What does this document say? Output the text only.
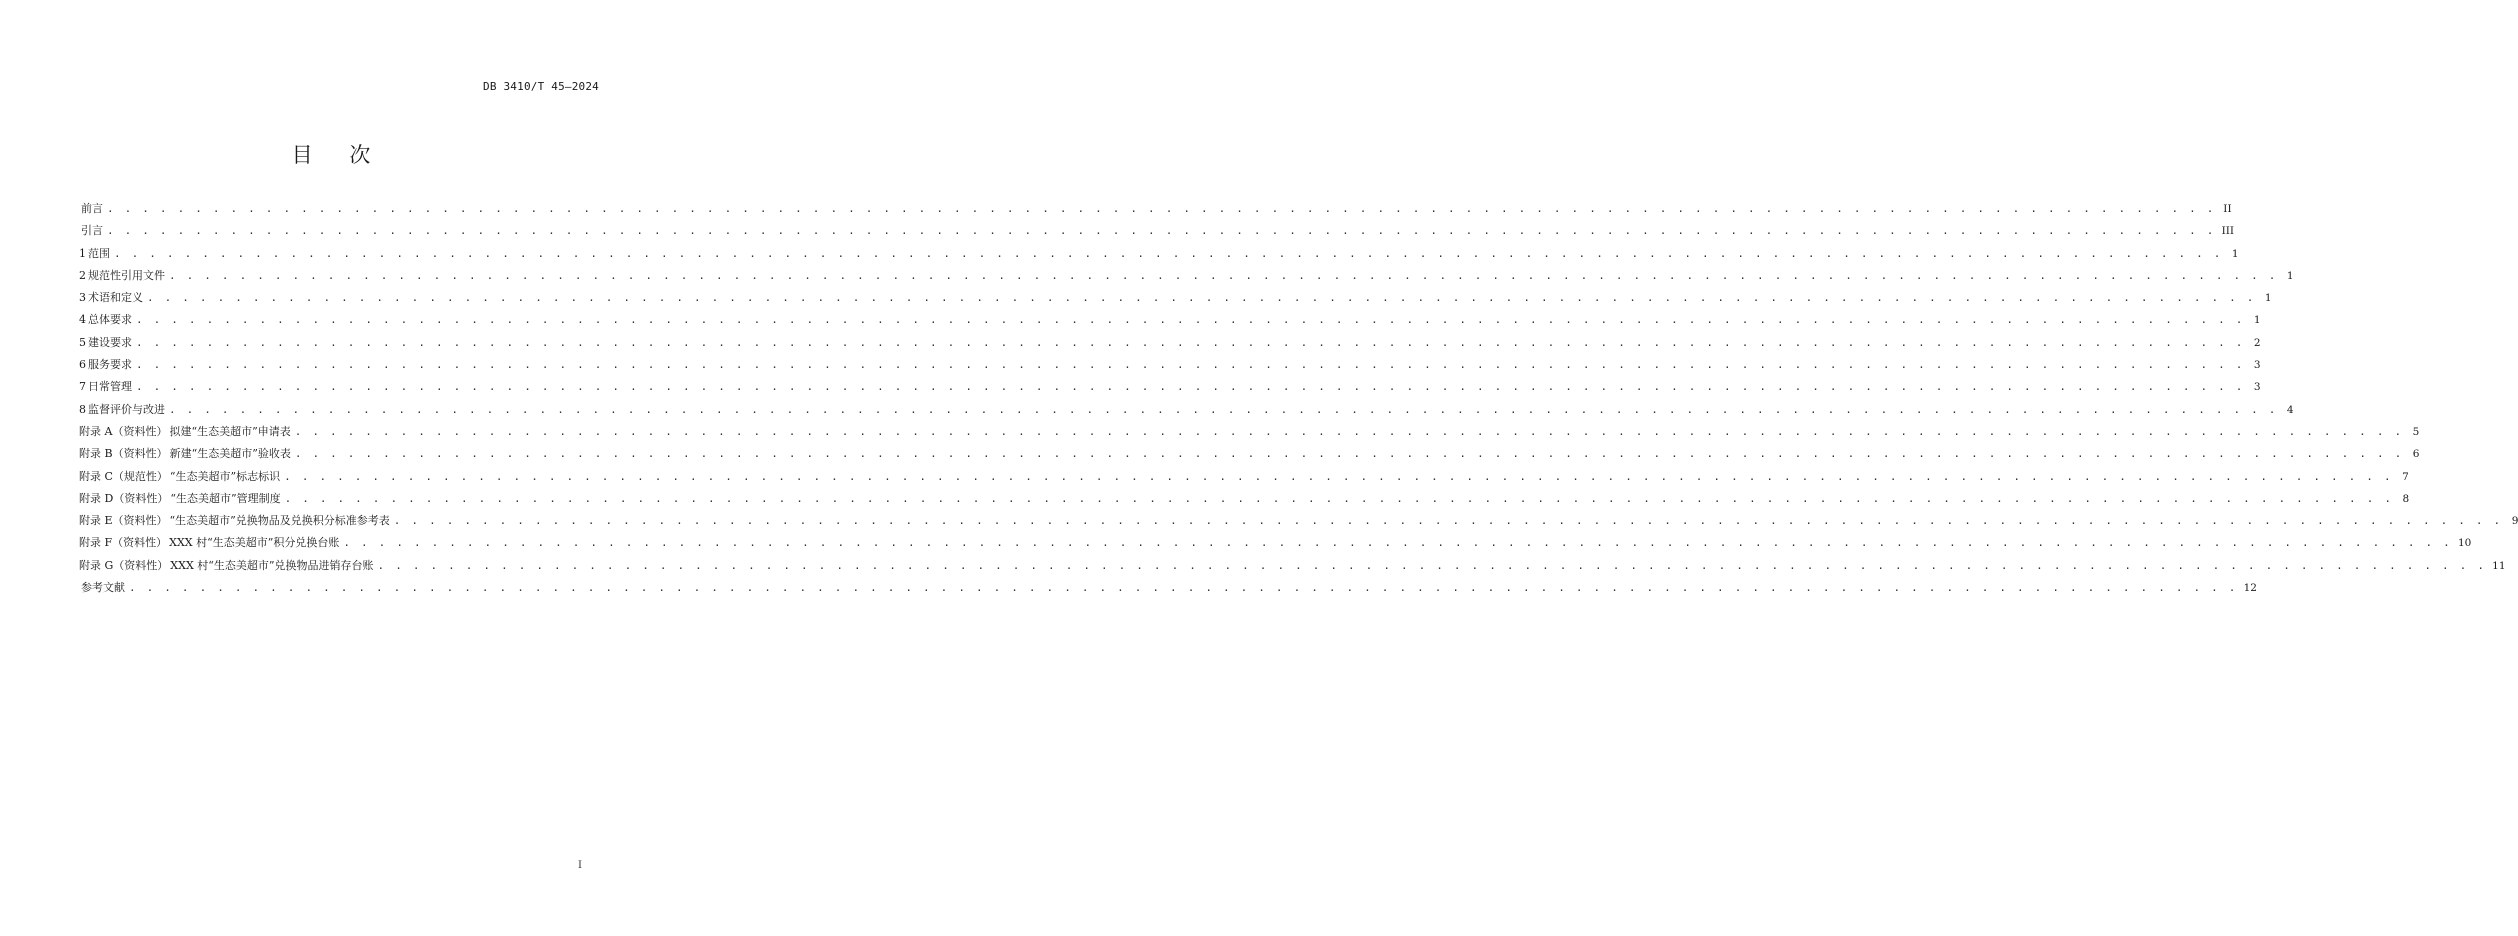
DB 3410/T 45—2024
目 次
前言 . . . . . . . . . . . . . . . . . . . . . . . . . . . . . . . . . . . . . . . . . . . . . . . . . . . . . . . . . . . . . . . . . . . . . . . . . . . . . . . . . . . . . . . . . . . . . . . . . . . . . . . . . . . . . . . . . . . . . . . . II
引言 . . . . . . . . . . . . . . . . . . . . . . . . . . . . . . . . . . . . . . . . . . . . . . . . . . . . . . . . . . . . . . . . . . . . . . . . . . . . . . . . . . . . . . . . . . . . . . . . . . . . . . . . . . . . . . . . . . . . . . . . III
1 范围 . . . . . . . . . . . . . . . . . . . . . . . . . . . . . . . . . . . . . . . . . . . . . . . . . . . . . . . . . . . . . . . . . . . . . . . . . . . . . . . . . . . . . . . . . . . . . . . . . . . . . . . . . . . . . . . . . . . . . . . . 1
2 规范性引用文件 . . . . . . . . . . . . . . . . . . . . . . . . . . . . . . . . . . . . . . . . . . . . . . . . . . . . . . . . . . . . . . . . . . . . . . . . . . . . . . . . . . . . . . . . . . . . . . . . . . . . . . . . . . . . . . . . . . . . . . . . 1
3 术语和定义 . . . . . . . . . . . . . . . . . . . . . . . . . . . . . . . . . . . . . . . . . . . . . . . . . . . . . . . . . . . . . . . . . . . . . . . . . . . . . . . . . . . . . . . . . . . . . . . . . . . . . . . . . . . . . . . . . . . . . . . . 1
4 总体要求 . . . . . . . . . . . . . . . . . . . . . . . . . . . . . . . . . . . . . . . . . . . . . . . . . . . . . . . . . . . . . . . . . . . . . . . . . . . . . . . . . . . . . . . . . . . . . . . . . . . . . . . . . . . . . . . . . . . . . . . . 1
5 建设要求 . . . . . . . . . . . . . . . . . . . . . . . . . . . . . . . . . . . . . . . . . . . . . . . . . . . . . . . . . . . . . . . . . . . . . . . . . . . . . . . . . . . . . . . . . . . . . . . . . . . . . . . . . . . . . . . . . . . . . . . . 2
6 服务要求 . . . . . . . . . . . . . . . . . . . . . . . . . . . . . . . . . . . . . . . . . . . . . . . . . . . . . . . . . . . . . . . . . . . . . . . . . . . . . . . . . . . . . . . . . . . . . . . . . . . . . . . . . . . . . . . . . . . . . . . . 3
7 日常管理 . . . . . . . . . . . . . . . . . . . . . . . . . . . . . . . . . . . . . . . . . . . . . . . . . . . . . . . . . . . . . . . . . . . . . . . . . . . . . . . . . . . . . . . . . . . . . . . . . . . . . . . . . . . . . . . . . . . . . . . . 3
8 监督评价与改进 . . . . . . . . . . . . . . . . . . . . . . . . . . . . . . . . . . . . . . . . . . . . . . . . . . . . . . . . . . . . . . . . . . . . . . . . . . . . . . . . . . . . . . . . . . . . . . . . . . . . . . . . . . . . . . . . . . . . . . . . 4
附录 A（资料性） 拟建“生态美超市”申请表 . . . . . . . . . . . . . . . . . . . . . . . . . . . . . . . . . . . . . . . . . . . . . . . . . . . . . . . . . . . . . . . . . . . . . . . . . . . . . . . . . . . . . . . . . . . . . . . . . . . . . . . . . . . . . . . . . . . . . . . . 5
附录 B（资料性） 新建“生态美超市”验收表 . . . . . . . . . . . . . . . . . . . . . . . . . . . . . . . . . . . . . . . . . . . . . . . . . . . . . . . . . . . . . . . . . . . . . . . . . . . . . . . . . . . . . . . . . . . . . . . . . . . . . . . . . . . . . . . . . . . . . . . . 6
附录 C（规范性） “生态美超市”标志标识 . . . . . . . . . . . . . . . . . . . . . . . . . . . . . . . . . . . . . . . . . . . . . . . . . . . . . . . . . . . . . . . . . . . . . . . . . . . . . . . . . . . . . . . . . . . . . . . . . . . . . . . . . . . . . . . . . . . . . . . . 7
附录 D（资料性） “生态美超市”管理制度 . . . . . . . . . . . . . . . . . . . . . . . . . . . . . . . . . . . . . . . . . . . . . . . . . . . . . . . . . . . . . . . . . . . . . . . . . . . . . . . . . . . . . . . . . . . . . . . . . . . . . . . . . . . . . . . . . . . . . . . . 8
附录 E（资料性） “生态美超市”兑换物品及兑换积分标准参考表 . . . . . . . . . . . . . . . . . . . . . . . . . . . . . . . . . . . . . . . . . . . . . . . . . . . . . . . . . . . . . . . . . . . . . . . . . . . . . . . . . . . . . . . . . . . . . . . . . . . . . . . . . . . . . . . . . . . . . . . . 9
附录 F（资料性） XXX 村“生态美超市”积分兑换台账 . . . . . . . . . . . . . . . . . . . . . . . . . . . . . . . . . . . . . . . . . . . . . . . . . . . . . . . . . . . . . . . . . . . . . . . . . . . . . . . . . . . . . . . . . . . . . . . . . . . . . . . . . . . . . . . . . . . . . . . . 10
附录 G（资料性） XXX 村“生态美超市”兑换物品进销存台账 . . . . . . . . . . . . . . . . . . . . . . . . . . . . . . . . . . . . . . . . . . . . . . . . . . . . . . . . . . . . . . . . . . . . . . . . . . . . . . . . . . . . . . . . . . . . . . . . . . . . . . . . . . . . . . . . . . . . . . . . 11
参考文献 . . . . . . . . . . . . . . . . . . . . . . . . . . . . . . . . . . . . . . . . . . . . . . . . . . . . . . . . . . . . . . . . . . . . . . . . . . . . . . . . . . . . . . . . . . . . . . . . . . . . . . . . . . . . . . . . . . . . . . . . 12
I
